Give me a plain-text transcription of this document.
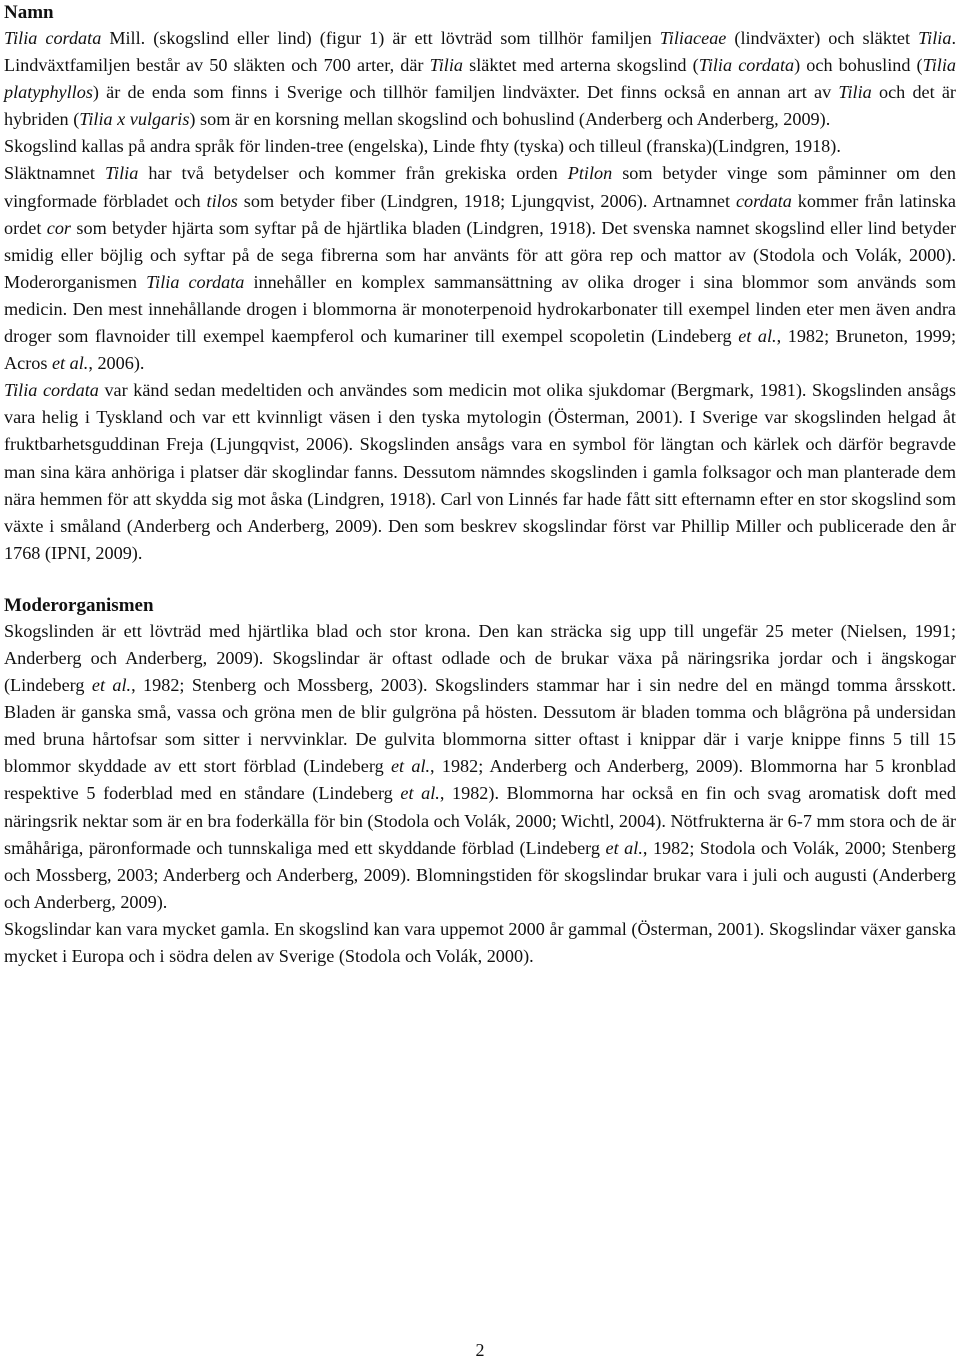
Namn

Tilia cordata Mill. (skogslind eller lind) (figur 1) är ett lövträd som tillhör familjen Tiliaceae (lindväxter) och släktet Tilia. Lindväxtfamiljen består av 50 släkten och 700 arter, där Tilia släktet med arterna skogslind (Tilia cordata) och bohuslind (Tilia platyphyllos) är de enda som finns i Sverige och tillhör familjen lindväxter. Det finns också en annan art av Tilia och det är hybriden (Tilia x vulgaris) som är en korsning mellan skogslind och bohuslind (Anderberg och Anderberg, 2009).

Skogslind kallas på andra språk för linden-tree (engelska), Linde fhty (tyska) och tilleul (franska)(Lindgren, 1918).

Släktnamnet Tilia har två betydelser och kommer från grekiska orden Ptilon som betyder vinge som påminner om den vingformade förbladet och tilos som betyder fiber (Lindgren, 1918; Ljungqvist, 2006). Artnamnet cordata kommer från latinska ordet cor som betyder hjärta som syftar på de hjärtlika bladen (Lindgren, 1918). Det svenska namnet skogslind eller lind betyder smidig eller böjlig och syftar på de sega fibrerna som har använts för att göra rep och mattor av (Stodola och Volák, 2000). Moderorganismen Tilia cordata innehåller en komplex sammansättning av olika droger i sina blommor som används som medicin. Den mest innehållande drogen i blommorna är monoterpenoid hydrokarbonater till exempel linden eter men även andra droger som flavnoider till exempel kaempferol och kumariner till exempel scopoletin (Lindeberg et al., 1982; Bruneton, 1999; Acros et al., 2006).

Tilia cordata var känd sedan medeltiden och användes som medicin mot olika sjukdomar (Bergmark, 1981). Skogslinden ansågs vara helig i Tyskland och var ett kvinnligt väsen i den tyska mytologin (Österman, 2001). I Sverige var skogslinden helgad åt fruktbarhetsguddinan Freja (Ljungqvist, 2006). Skogslinden ansågs vara en symbol för längtan och kärlek och därför begravde man sina kära anhöriga i platser där skoglindar fanns. Dessutom nämndes skogslinden i gamla folksagor och man planterade dem nära hemmen för att skydda sig mot åska (Lindgren, 1918). Carl von Linnés far hade fått sitt efternamn efter en stor skogslind som växte i småland (Anderberg och Anderberg, 2009). Den som beskrev skogslindar först var Phillip Miller och publicerade den år 1768 (IPNI, 2009).

Moderorganismen

Skogslinden är ett lövträd med hjärtlika blad och stor krona. Den kan sträcka sig upp till ungefär 25 meter (Nielsen, 1991; Anderberg och Anderberg, 2009). Skogslindar är oftast odlade och de brukar växa på näringsrika jordar och i ängskogar (Lindeberg et al., 1982; Stenberg och Mossberg, 2003). Skogslinders stammar har i sin nedre del en mängd tomma årsskott. Bladen är ganska små, vassa och gröna men de blir gulgröna på hösten. Dessutom är bladen tomma och blågröna på undersidan med bruna hårtofsar som sitter i nervvinklar. De gulvita blommorna sitter oftast i knippar där i varje knippe finns 5 till 15 blommor skyddade av ett stort förblad (Lindeberg et al., 1982; Anderberg och Anderberg, 2009). Blommorna har 5 kronblad respektive 5 foderblad med en ståndare (Lindeberg et al., 1982). Blommorna har också en fin och svag aromatisk doft med näringsrik nektar som är en bra foderkälla för bin (Stodola och Volák, 2000; Wichtl, 2004). Nötfrukterna är 6-7 mm stora och de är småhåriga, päronformade och tunnskaliga med ett skyddande förblad (Lindeberg et al., 1982; Stodola och Volák, 2000; Stenberg och Mossberg, 2003; Anderberg och Anderberg, 2009). Blomningstiden för skogslindar brukar vara i juli och augusti (Anderberg och Anderberg, 2009).

Skogslindar kan vara mycket gamla. En skogslind kan vara uppemot 2000 år gammal (Österman, 2001). Skogslindar växer ganska mycket i Europa och i södra delen av Sverige (Stodola och Volák, 2000).

2
